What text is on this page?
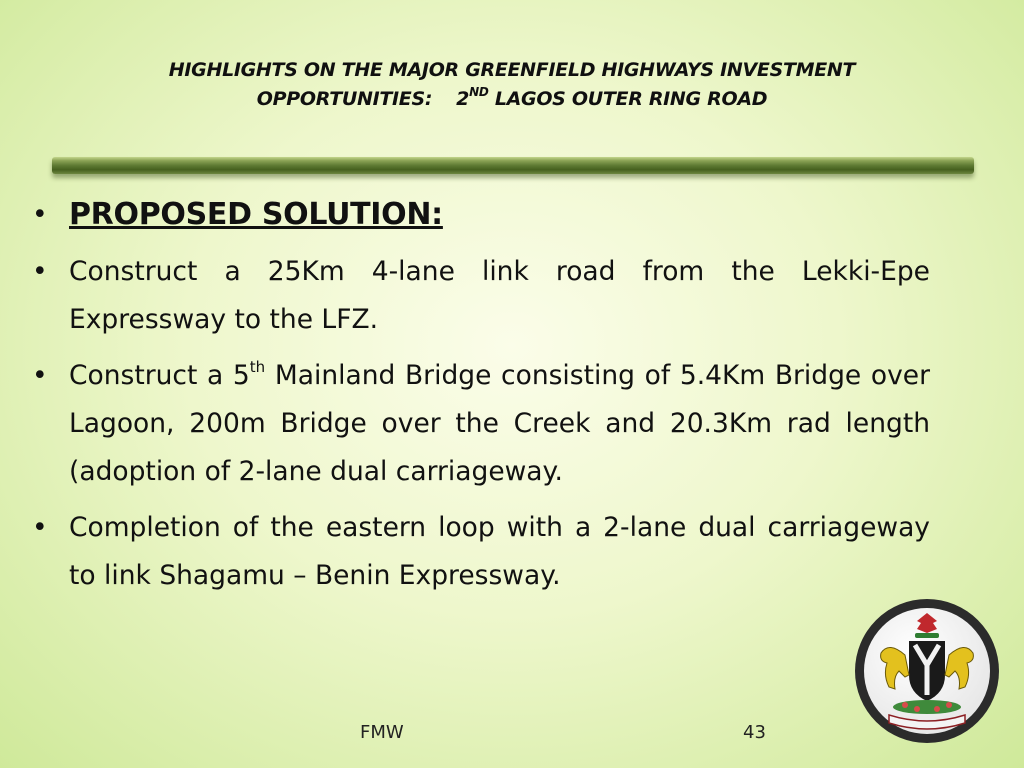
HIGHLIGHTS ON THE MAJOR GREENFIELD HIGHWAYS INVESTMENT
OPPORTUNITIES: 2ND LAGOS OUTER RING ROAD
• PROPOSED SOLUTION:
• Construct a 25Km 4-lane link road from the Lekki-Epe Expressway to the LFZ.
• Construct a 5th Mainland Bridge consisting of 5.4Km Bridge over Lagoon, 200m Bridge over the Creek and 20.3Km rad length (adoption of 2-lane dual carriageway.
• Completion of the eastern loop with a 2-lane dual carriageway to link Shagamu – Benin Expressway.
FMW	43
